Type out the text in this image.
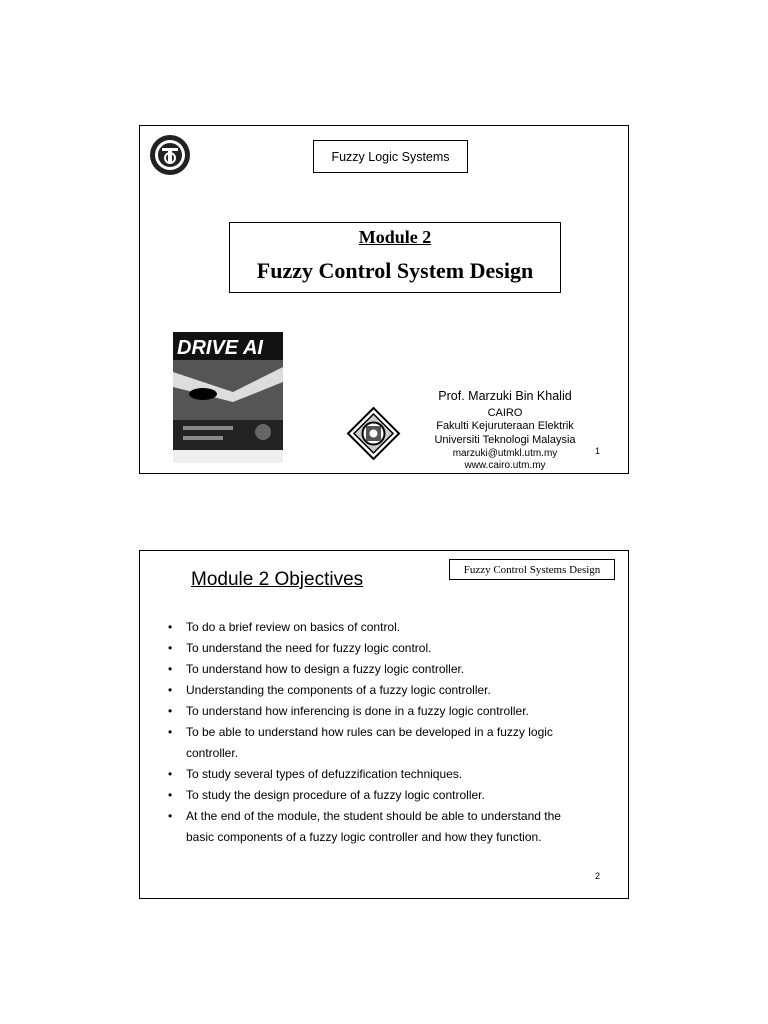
Fuzzy Logic Systems
Module 2
Fuzzy Control System Design
DRIVE AI
Prof. Marzuki Bin Khalid
CAIRO
Fakulti Kejuruteraan Elektrik
Universiti Teknologi Malaysia
marzuki@utmkl.utm.my
www.cairo.utm.my
1
Fuzzy Control Systems Design
Module 2 Objectives
• To do a brief review on basics of control.
• To understand the need for fuzzy logic control.
• To understand how to design a fuzzy logic controller.
• Understanding the components of a fuzzy logic controller.
• To understand how inferencing is done in a fuzzy logic controller.
• To be able to understand how rules can be developed in a fuzzy logic controller.
• To study several types of defuzzification techniques.
• To study the design procedure of a fuzzy logic controller.
• At the end of the module, the student should be able to understand the basic components of a fuzzy logic controller and how they function.
2
